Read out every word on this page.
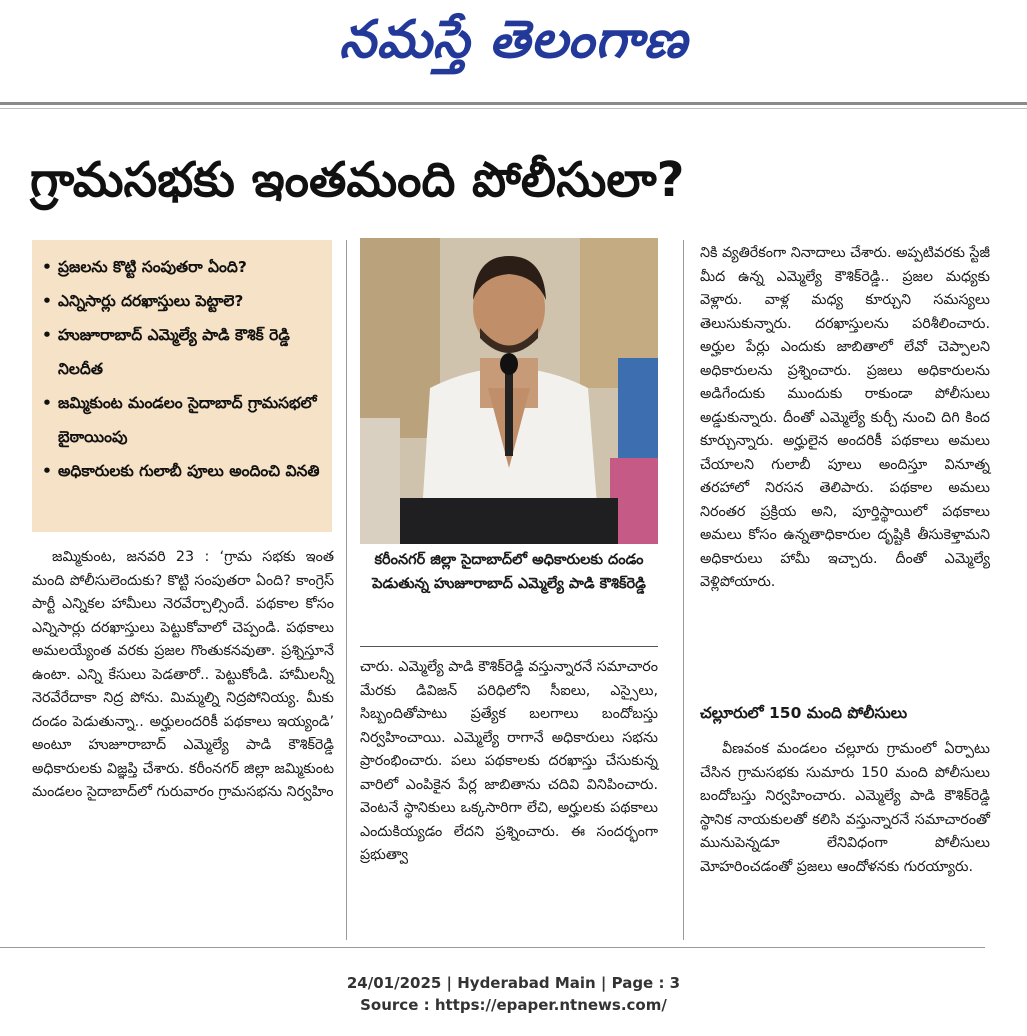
నమస్తే తెలంగాణ
గ్రామసభకు ఇంతమంది పోలీసులా?
• ప్రజలను కొట్టి సంపుతరా ఏంది?
• ఎన్నిసార్లు దరఖాస్తులు పెట్టాలె?
• హుజూరాబాద్ ఎమ్మెల్యే పాడి కౌశిక్ రెడ్డి నిలదీత
• జమ్మికుంట మండలం సైదాబాద్ గ్రామసభలో బైఠాయింపు
• అధికారులకు గులాబీ పూలు అందించి వినతి
కరీంనగర్ జిల్లా సైదాబాద్‌లో అధికారులకు దండం పెడుతున్న హుజూరాబాద్ ఎమ్మెల్యే పాడి కౌశిక్‌రెడ్డి

జమ్మికుంట, జనవరి 23 : ‘గ్రామ సభకు ఇంత మంది పోలీసులెందుకు? కొట్టి సంపుతరా ఏంది? కాంగ్రెస్ పార్టీ ఎన్నికల హామీలు నెరవేర్చాల్సిందే. పథకాల కోసం ఎన్నిసార్లు దరఖాస్తులు పెట్టుకోవాలో చెప్పండి. పథకాలు అమలయ్యేంత వరకు ప్రజల గొంతుకనవుతా. ప్రశ్నిస్తూనే ఉంటా. ఎన్ని కేసులు పెడతారో.. పెట్టుకోండి. హామీలన్నీ నెరవేరేదాకా నిద్ర పోను. మిమ్మల్ని నిద్రపోనియ్య. మీకు దండం పెడుతున్నా.. అర్హులందరికీ పథకాలు ఇయ్యండి’ అంటూ హుజూరాబాద్ ఎమ్మెల్యే పాడి కౌశిక్‌రెడ్డి అధికారులకు విజ్ఞప్తి చేశారు. కరీంనగర్ జిల్లా జమ్మికుంట మండలం సైదాబాద్‌లో గురువారం గ్రామసభను నిర్వహిం

చారు. ఎమ్మెల్యే పాడి కౌశిక్‌రెడ్డి వస్తున్నారనే సమాచారం మేరకు డివిజన్ పరిధిలోని సీఐలు, ఎస్సైలు, సిబ్బందితోపాటు ప్రత్యేక బలగాలు బందోబస్తు నిర్వహించాయి. ఎమ్మెల్యే రాగానే అధికారులు సభను ప్రారంభించారు. పలు పథకాలకు దరఖాస్తు చేసుకున్న వారిలో ఎంపికైన పేర్ల జాబితాను చదివి వినిపించారు. వెంటనే స్థానికులు ఒక్కసారిగా లేచి, అర్హులకు పథకాలు ఎందుకియ్యడం లేదని ప్రశ్నించారు. ఈ సందర్భంగా ప్రభుత్వా

నికి వ్యతిరేకంగా నినాదాలు చేశారు. అప్పటివరకు స్టేజీ మీద ఉన్న ఎమ్మెల్యే కౌశిక్‌రెడ్డి.. ప్రజల మధ్యకు వెళ్లారు. వాళ్ల మధ్య కూర్చుని సమస్యలు తెలుసుకున్నారు. దరఖాస్తులను పరిశీలించారు. అర్హుల పేర్లు ఎందుకు జాబితాలో లేవో చెప్పాలని అధికారులను ప్రశ్నించారు. ప్రజలు అధికారులను అడిగేందుకు ముందుకు రాకుండా పోలీసులు అడ్డుకున్నారు. దీంతో ఎమ్మెల్యే కుర్చీ నుంచి దిగి కింద కూర్చున్నారు. అర్హులైన అందరికీ పథకాలు అమలు చేయాలని గులాబీ పూలు అందిస్తూ వినూత్న తరహాలో నిరసన తెలిపారు. పథకాల అమలు నిరంతర ప్రక్రియ అని, పూర్తిస్థాయిలో పథకాలు అమలు కోసం ఉన్నతాధికారుల దృష్టికి తీసుకెళ్తామని అధికారులు హామీ ఇచ్చారు. దీంతో ఎమ్మెల్యే వెళ్లిపోయారు.

చల్లూరులో 150 మంది పోలీసులు

వీణవంక మండలం చల్లూరు గ్రామంలో ఏర్పాటు చేసిన గ్రామసభకు సుమారు 150 మంది పోలీసులు బందోబస్తు నిర్వహించారు. ఎమ్మెల్యే పాడి కౌశిక్‌రెడ్డి స్థానిక నాయకులతో కలిసి వస్తున్నారనే సమాచారంతో మునుపెన్నడూ లేనివిధంగా పోలీసులు మోహరించడంతో ప్రజలు ఆందోళనకు గురయ్యారు.

24/01/2025 | Hyderabad Main | Page : 3
Source : https://epaper.ntnews.com/
